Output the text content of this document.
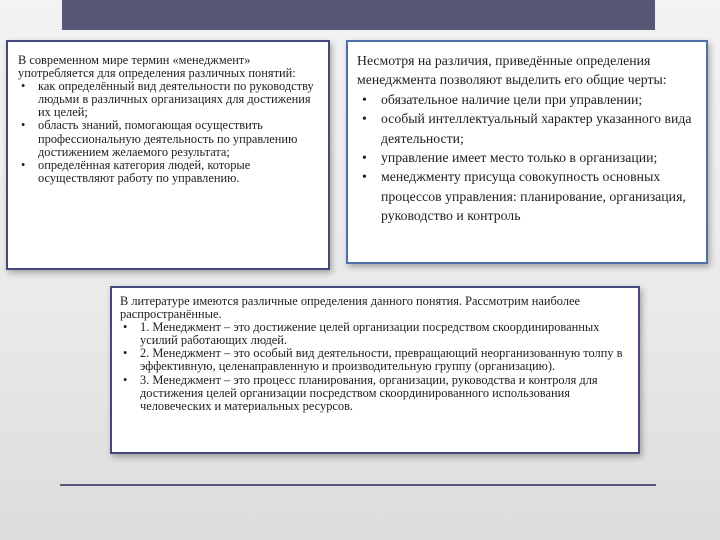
В современном мире термин «менеджмент» употребляется для определения различных понятий:

• как определённый вид деятельности по руководству людьми в различных организациях для достижения их целей;
• область знаний, помогающая осуществить профессиональную деятельность по управлению достижением желаемого результата;
• определённая категория людей, которые осуществляют работу по управлению.

Несмотря на различия, приведённые определения менеджмента позволяют выделить его общие черты:

• обязательное наличие цели при управлении;
• особый интеллектуальный характер указанного вида деятельности;
• управление имеет место только в организации;
• менеджменту присуща совокупность основных процессов управления: планирование, организация, руководство и контроль

В литературе имеются различные определения данного понятия. Рассмотрим наиболее распространённые.

• 1. Менеджмент – это достижение целей организации посредством скоординированных усилий работающих людей.
• 2. Менеджмент – это особый вид деятельности, превращающий неорганизованную толпу в эффективную, целенаправленную и производительную группу (организацию).
• 3. Менеджмент – это процесс планирования, организации, руководства и контроля для достижения целей организации посредством скоординированного использования человеческих и материальных ресурсов.
